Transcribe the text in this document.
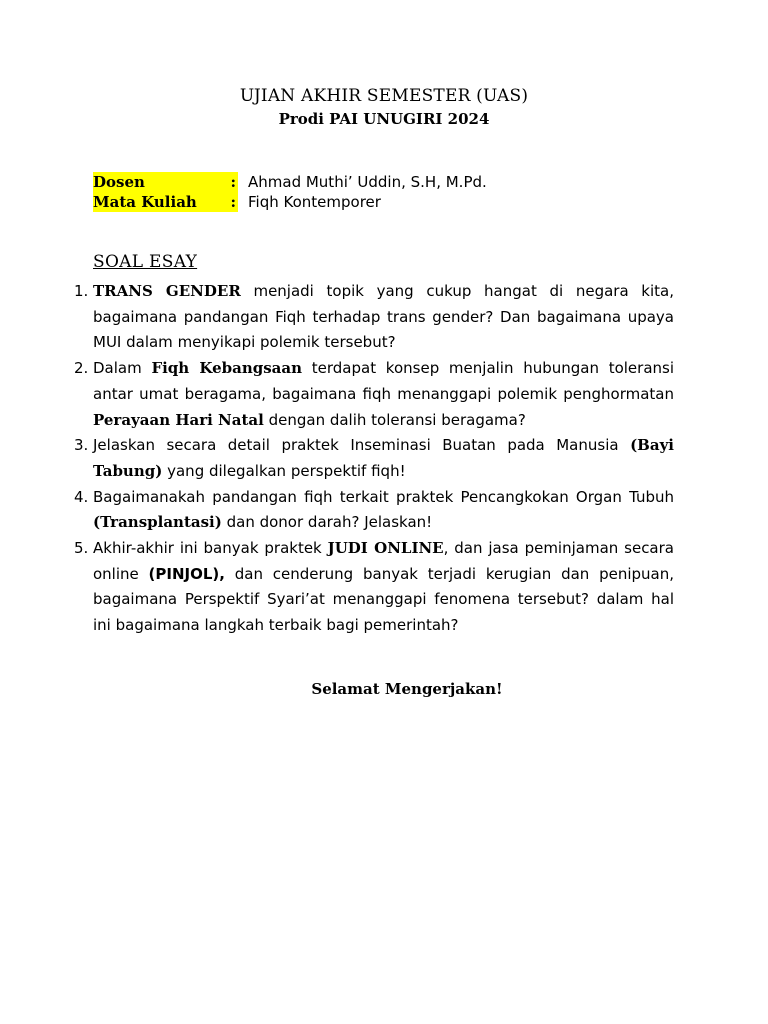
UJIAN AKHIR SEMESTER (UAS)
Prodi PAI UNUGIRI 2024
Dosen	: Ahmad Muthi’ Uddin, S.H, M.Pd.
Mata Kuliah : Fiqh Kontemporer
SOAL ESAY
1. TRANS GENDER menjadi topik yang cukup hangat di negara kita, bagaimana pandangan Fiqh terhadap trans gender? Dan bagaimana upaya MUI dalam menyikapi polemik tersebut?
2. Dalam Fiqh Kebangsaan terdapat konsep menjalin hubungan toleransi antar umat beragama, bagaimana fiqh menanggapi polemik penghormatan Perayaan Hari Natal dengan dalih toleransi beragama?
3. Jelaskan secara detail praktek Inseminasi Buatan pada Manusia (Bayi Tabung) yang dilegalkan perspektif fiqh!
4. Bagaimanakah pandangan fiqh terkait praktek Pencangkokan Organ Tubuh (Transplantasi) dan donor darah? Jelaskan!
5. Akhir-akhir ini banyak praktek JUDI ONLINE, dan jasa peminjaman secara online (PINJOL), dan cenderung banyak terjadi kerugian dan penipuan, bagaimana Perspektif Syari’at menanggapi fenomena tersebut? dalam hal ini bagaimana langkah terbaik bagi pemerintah?
Selamat Mengerjakan!
